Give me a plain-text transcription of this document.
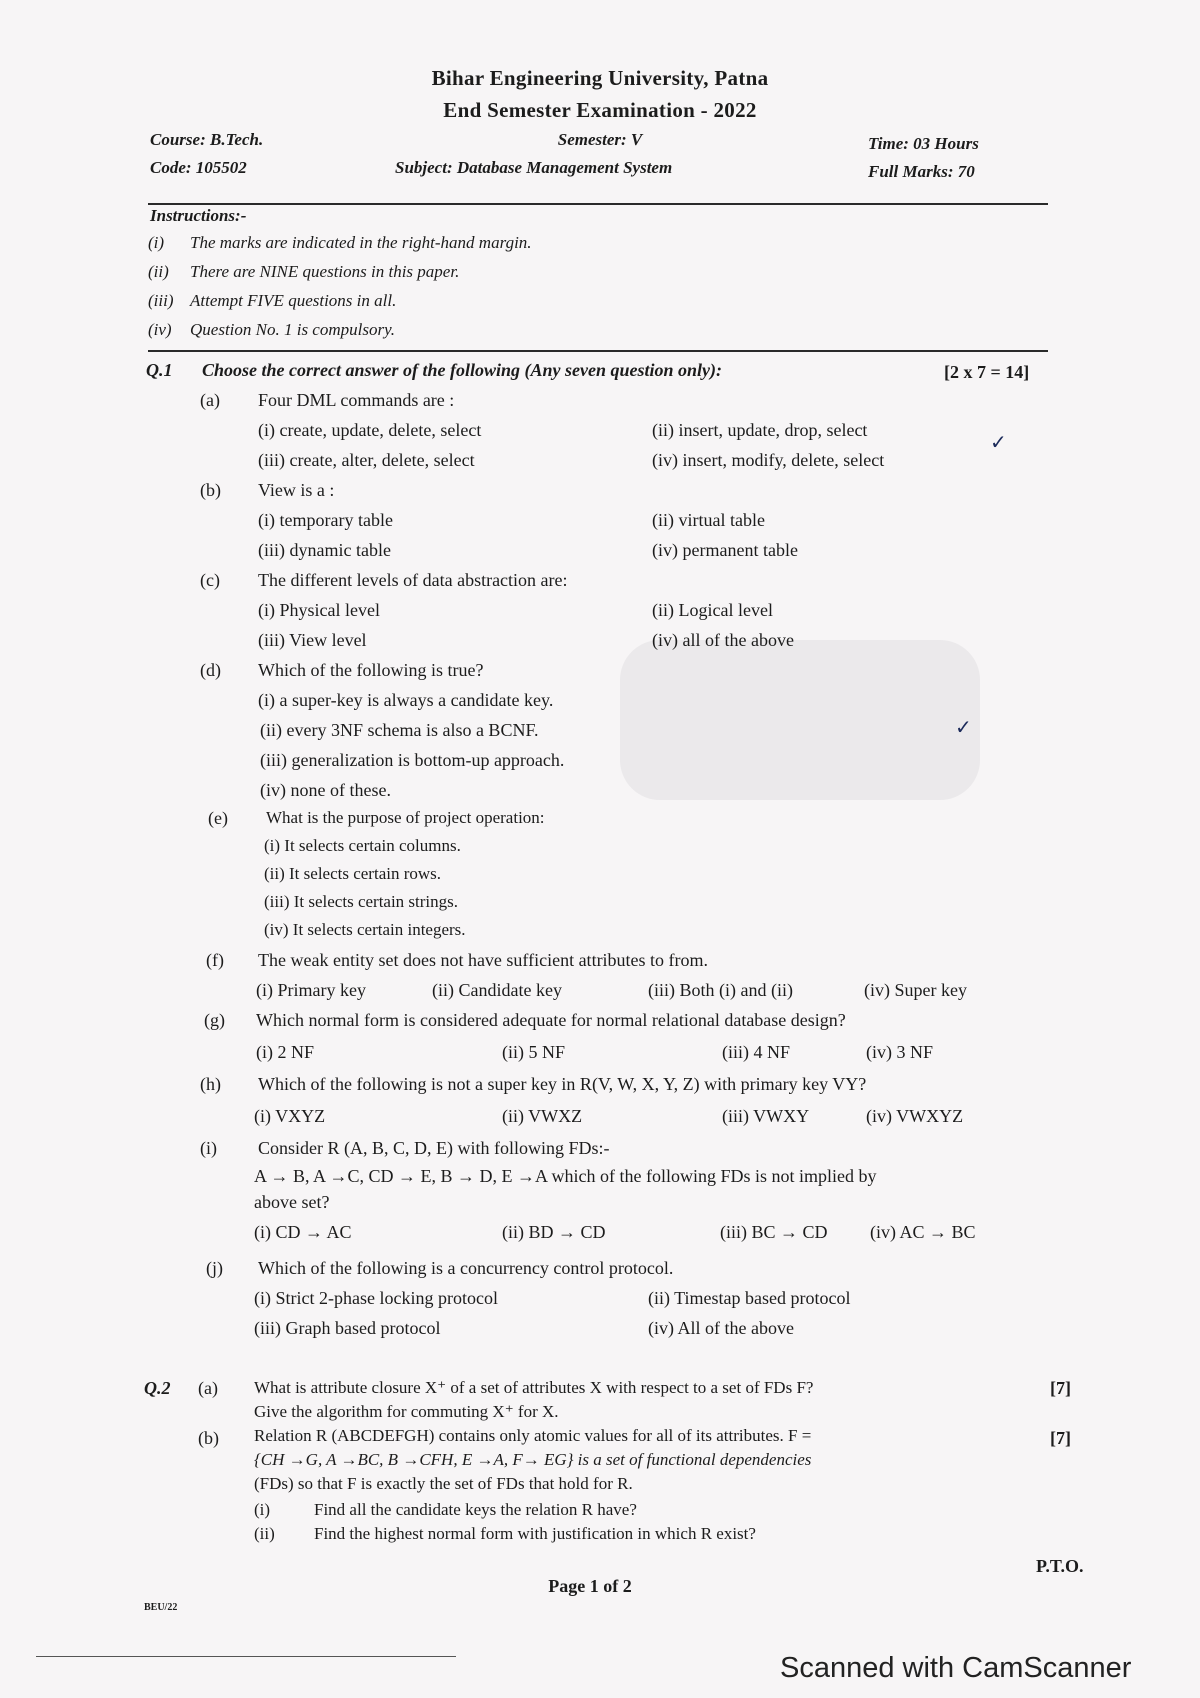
Bihar Engineering University, Patna
End Semester Examination - 2022
Course: B.Tech.
Code: 105502
Semester: V
Subject: Database Management System
Time: 03 Hours
Full Marks: 70
Instructions:-
(i)	The marks are indicated in the right-hand margin.
(ii)	There are NINE questions in this paper.
(iii) Attempt FIVE questions in all.
(iv)	Question No. 1 is compulsory.
Q.1 Choose the correct answer of the following (Any seven question only):	[2 x 7 = 14]
(a) Four DML commands are :
(i) create, update, delete, select	(ii) insert, update, drop, select
(iii) create, alter, delete, select	(iv) insert, modify, delete, select
✓
(b) View is a :
(i) temporary table	(ii) virtual table
(iii) dynamic table	(iv) permanent table
(c) The different levels of data abstraction are:
(i) Physical level	(ii) Logical level
(iii) View level	(iv) all of the above
(d) Which of the following is true?
(i) a super-key is always a candidate key.
(ii) every 3NF schema is also a BCNF.
(iii) generalization is bottom-up approach.
(iv) none of these.
✓
(e) What is the purpose of project operation:
(i) It selects certain columns.
(ii) It selects certain rows.
(iii) It selects certain strings.
(iv) It selects certain integers.
(f) The weak entity set does not have sufficient attributes to from.
(i) Primary key	(ii) Candidate key	(iii) Both (i) and (ii)	(iv) Super key
(g) Which normal form is considered adequate for normal relational database design?
(i) 2 NF	(ii) 5 NF	(iii) 4 NF	(iv) 3 NF
(h) Which of the following is not a super key in R(V, W, X, Y, Z) with primary key VY?
(i) VXYZ	(ii) VWXZ	(iii) VWXY	(iv) VWXYZ
(i) Consider R (A, B, C, D, E) with following FDs:-
A → B, A →C, CD → E, B → D, E →A which of the following FDs is not implied by
above set?
(i) CD → AC	(ii) BD → CD	(iii) BC → CD (iv) AC → BC
(j) Which of the following is a concurrency control protocol.
(i) Strict 2-phase locking protocol	(ii) Timestap based protocol
(iii) Graph based protocol	(iv) All of the above
Q.2 (a) What is attribute closure X⁺ of a set of attributes X with respect to a set of FDs F?
Give the algorithm for commuting X⁺ for X.
[7]
(b) Relation R (ABCDEFGH) contains only atomic values for all of its attributes. F =
{CH →G, A →BC, B →CFH, E →A, F→ EG} is a set of functional dependencies
(FDs) so that F is exactly the set of FDs that hold for R.
[7]
(i)	Find all the candidate keys the relation R have?
(ii) Find the highest normal form with justification in which R exist?
P.T.O.
Page 1 of 2
BEU/22
Scanned with CamScanner
